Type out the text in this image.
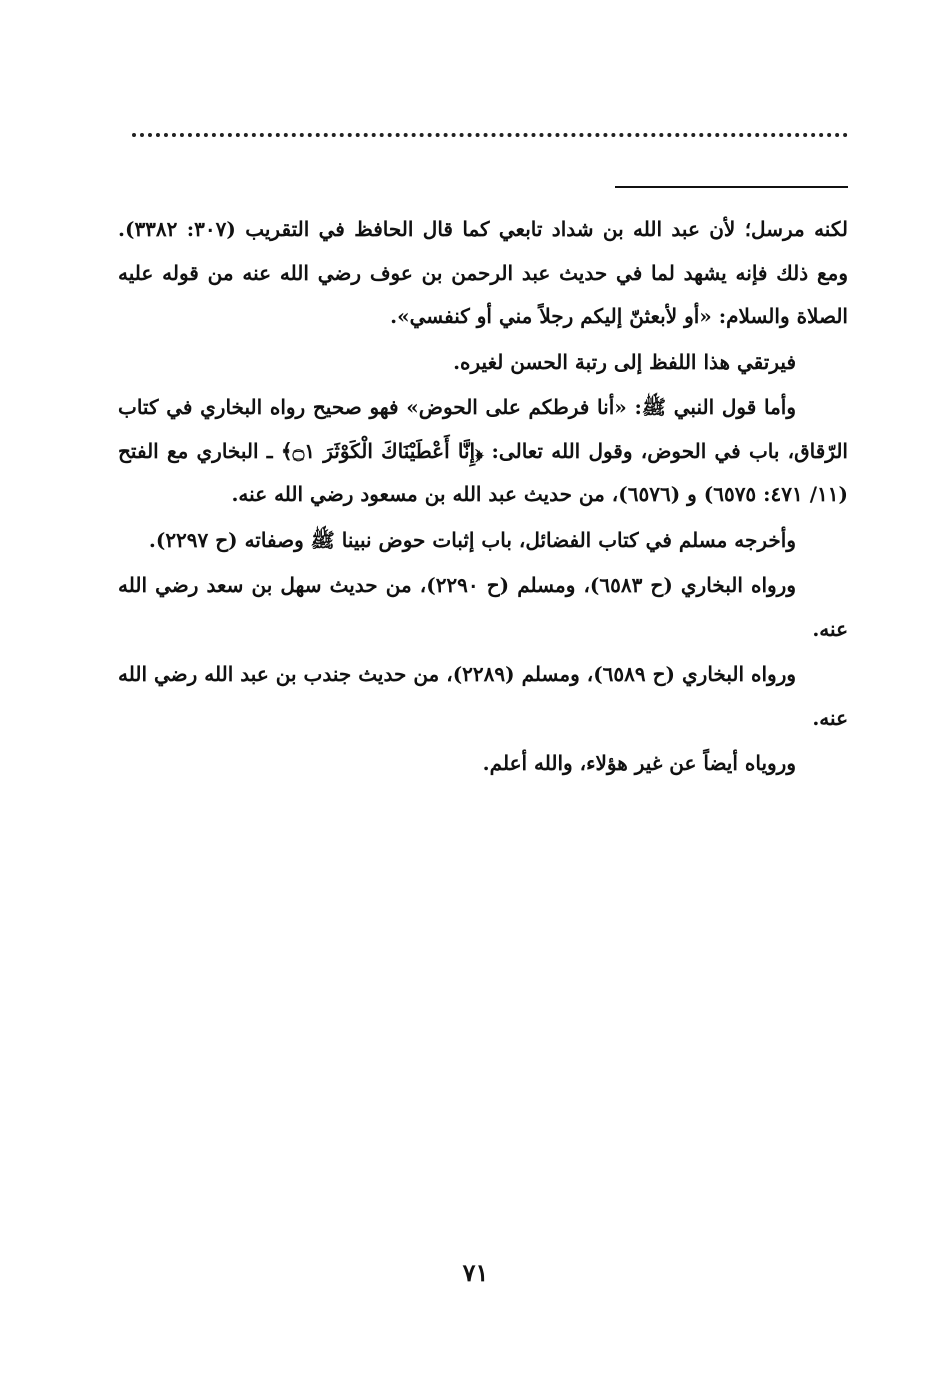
لكنه مرسل؛ لأن عبد الله بن شداد تابعي كما قال الحافظ في التقريب (٣٠٧: ٣٣٨٢). ومع ذلك فإنه يشهد لما في حديث عبد الرحمن بن عوف رضي الله عنه من قوله عليه الصلاة والسلام: «أو لأبعثنّ إليكم رجلاً مني أو كنفسي».

فيرتقي هذا اللفظ إلى رتبة الحسن لغيره.

وأما قول النبي ﷺ: «أنا فرطكم على الحوض» فهو صحيح رواه البخاري في كتاب الرّقاق، باب في الحوض، وقول الله تعالى: ﴿إِنَّا أَعْطَيْنَاكَ الْكَوْثَرَ ۝١﴾ ـ البخاري مع الفتح (١١/ ٤٧١: ٦٥٧٥) و (٦٥٧٦)، من حديث عبد الله بن مسعود رضي الله عنه.

وأخرجه مسلم في كتاب الفضائل، باب إثبات حوض نبينا ﷺ وصفاته (ح ٢٢٩٧).

ورواه البخاري (ح ٦٥٨٣)، ومسلم (ح ٢٢٩٠)، من حديث سهل بن سعد رضي الله عنه.

ورواه البخاري (ح ٦٥٨٩)، ومسلم (٢٢٨٩)، من حديث جندب بن عبد الله رضي الله عنه.

وروياه أيضاً عن غير هؤلاء، والله أعلم.

٧١
